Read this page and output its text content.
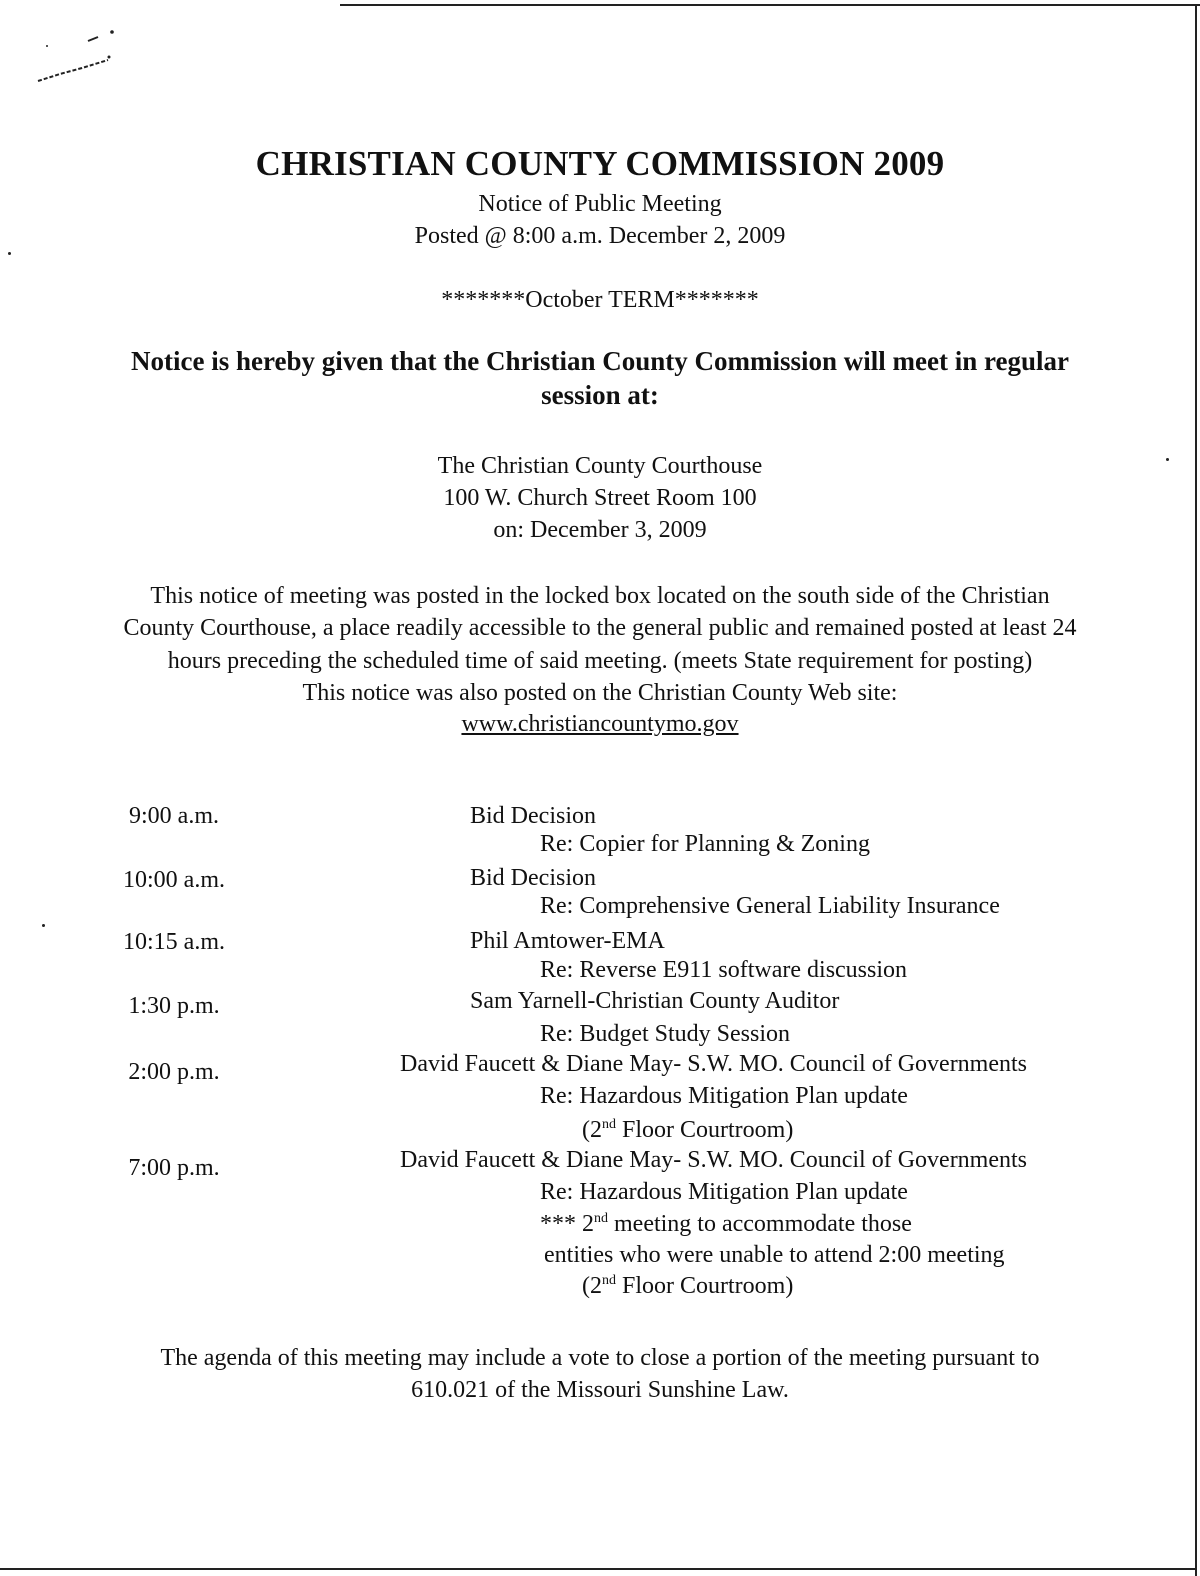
CHRISTIAN COUNTY COMMISSION 2009
Notice of Public Meeting
Posted @ 8:00 a.m. December 2, 2009
*******October TERM*******
Notice is hereby given that the Christian County Commission will meet in regular
session at:
The Christian County Courthouse
100 W. Church Street Room 100
on: December 3, 2009
This notice of meeting was posted in the locked box located on the south side of the Christian
County Courthouse, a place readily accessible to the general public and remained posted at least 24
hours preceding the scheduled time of said meeting. (meets State requirement for posting)
This notice was also posted on the Christian County Web site:
www.christiancountymo.gov
9:00 a.m.	Bid Decision
Re: Copier for Planning & Zoning
10:00 a.m.	Bid Decision
Re: Comprehensive General Liability Insurance
10:15 a.m.	Phil Amtower-EMA
Re: Reverse E911 software discussion
1:30 p.m.	Sam Yarnell-Christian County Auditor
Re: Budget Study Session
2:00 p.m.	David Faucett & Diane May- S.W. MO. Council of Governments
Re: Hazardous Mitigation Plan update
(2nd Floor Courtroom)
7:00 p.m.	David Faucett & Diane May- S.W. MO. Council of Governments
Re: Hazardous Mitigation Plan update
*** 2nd meeting to accommodate those
entities who were unable to attend 2:00 meeting
(2nd Floor Courtroom)
The agenda of this meeting may include a vote to close a portion of the meeting pursuant to
610.021 of the Missouri Sunshine Law.
